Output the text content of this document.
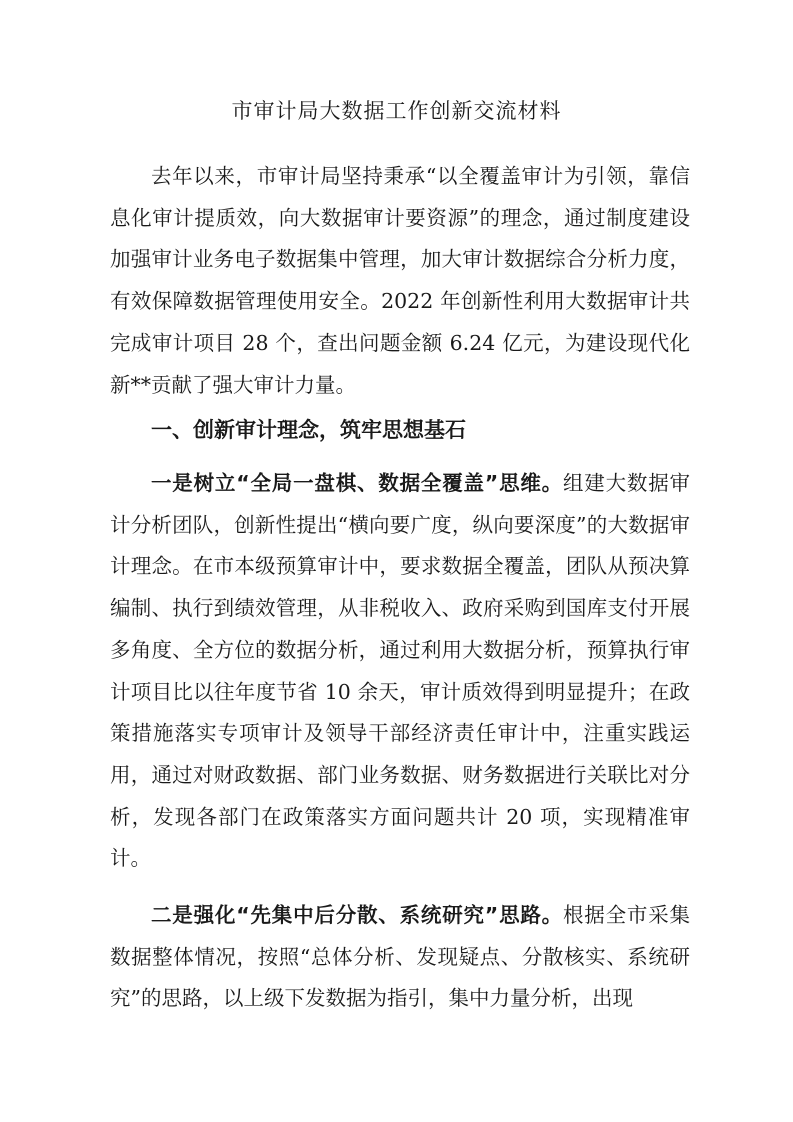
市审计局大数据工作创新交流材料
去年以来，市审计局坚持秉承“以全覆盖审计为引领，靠信息化审计提质效，向大数据审计要资源”的理念，通过制度建设加强审计业务电子数据集中管理，加大审计数据综合分析力度，有效保障数据管理使用安全。2022 年创新性利用大数据审计共完成审计项目 28 个，查出问题金额 6.24 亿元，为建设现代化新**贡献了强大审计力量。
一、创新审计理念，筑牢思想基石
一是树立“全局一盘棋、数据全覆盖”思维。组建大数据审计分析团队，创新性提出“横向要广度，纵向要深度”的大数据审计理念。在市本级预算审计中，要求数据全覆盖，团队从预决算编制、执行到绩效管理，从非税收入、政府采购到国库支付开展多角度、全方位的数据分析，通过利用大数据分析，预算执行审计项目比以往年度节省 10 余天，审计质效得到明显提升；在政策措施落实专项审计及领导干部经济责任审计中，注重实践运用，通过对财政数据、部门业务数据、财务数据进行关联比对分析，发现各部门在政策落实方面问题共计 20 项，实现精准审计。
二是强化“先集中后分散、系统研究”思路。根据全市采集数据整体情况，按照“总体分析、发现疑点、分散核实、系统研究”的思路，以上级下发数据为指引，集中力量分析，出现
